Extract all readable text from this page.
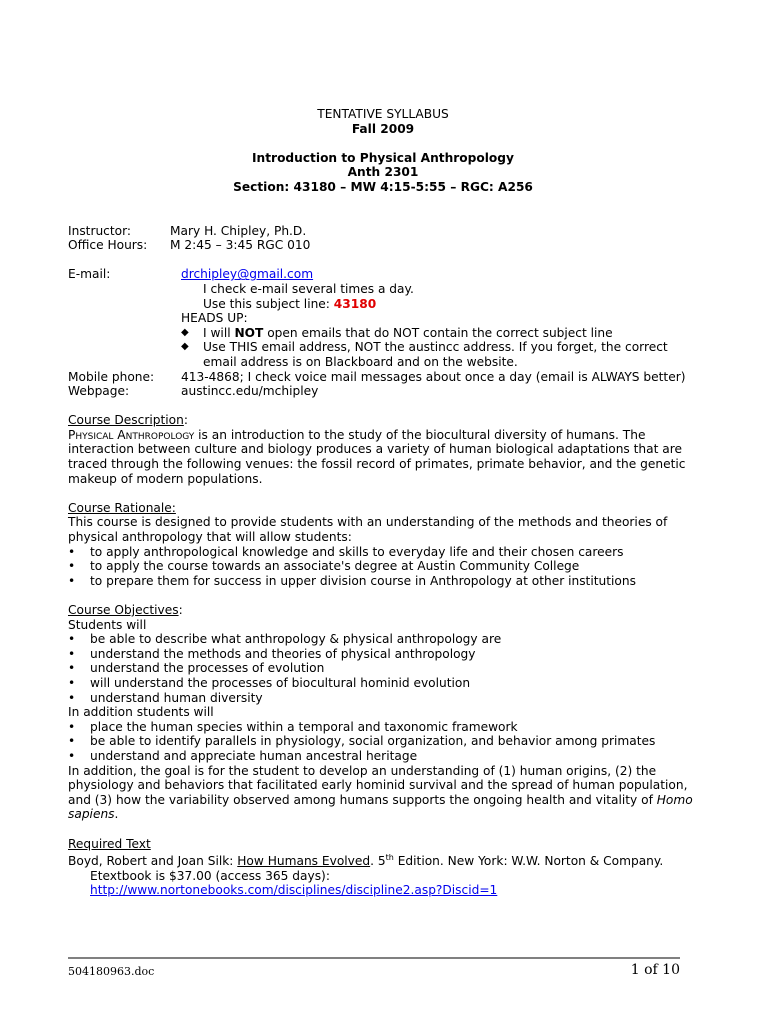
TENTATIVE SYLLABUS
Fall 2009
Introduction to Physical Anthropology
Anth 2301
Section: 43180 – MW 4:15-5:55 – RGC: A256
Instructor:	Mary H. Chipley, Ph.D.
Office Hours:	M 2:45 – 3:45 RGC 010
E-mail:	drchipley@gmail.com
I check e-mail several times a day.
Use this subject line: 43180
HEADS UP:
◆	I will NOT open emails that do NOT contain the correct subject line
◆	Use THIS email address, NOT the austincc address. If you forget, the correct email address is on Blackboard and on the website.
Mobile phone:	413-4868; I check voice mail messages about once a day (email is ALWAYS better)
Webpage:	austincc.edu/mchipley
Course Description:
Physical Anthropology is an introduction to the study of the biocultural diversity of humans. The interaction between culture and biology produces a variety of human biological adaptations that are traced through the following venues: the fossil record of primates, primate behavior, and the genetic makeup of modern populations.
Course Rationale:
This course is designed to provide students with an understanding of the methods and theories of physical anthropology that will allow students:
•	to apply anthropological knowledge and skills to everyday life and their chosen careers
•	to apply the course towards an associate's degree at Austin Community College
•	to prepare them for success in upper division course in Anthropology at other institutions
Course Objectives:
Students will
•	be able to describe what anthropology & physical anthropology are
•	understand the methods and theories of physical anthropology
•	understand the processes of evolution
•	will understand the processes of biocultural hominid evolution
•	understand human diversity
In addition students will
•	place the human species within a temporal and taxonomic framework
•	be able to identify parallels in physiology, social organization, and behavior among primates
•	understand and appreciate human ancestral heritage
In addition, the goal is for the student to develop an understanding of (1) human origins, (2) the physiology and behaviors that facilitated early hominid survival and the spread of human population, and (3) how the variability observed among humans supports the ongoing health and vitality of Homo sapiens.
Required Text
Boyd, Robert and Joan Silk: How Humans Evolved. 5th Edition. New York: W.W. Norton & Company.
Etextbook is $37.00 (access 365 days):
http://www.nortonebooks.com/disciplines/discipline2.asp?Discid=1
504180963.doc	1 of 10
